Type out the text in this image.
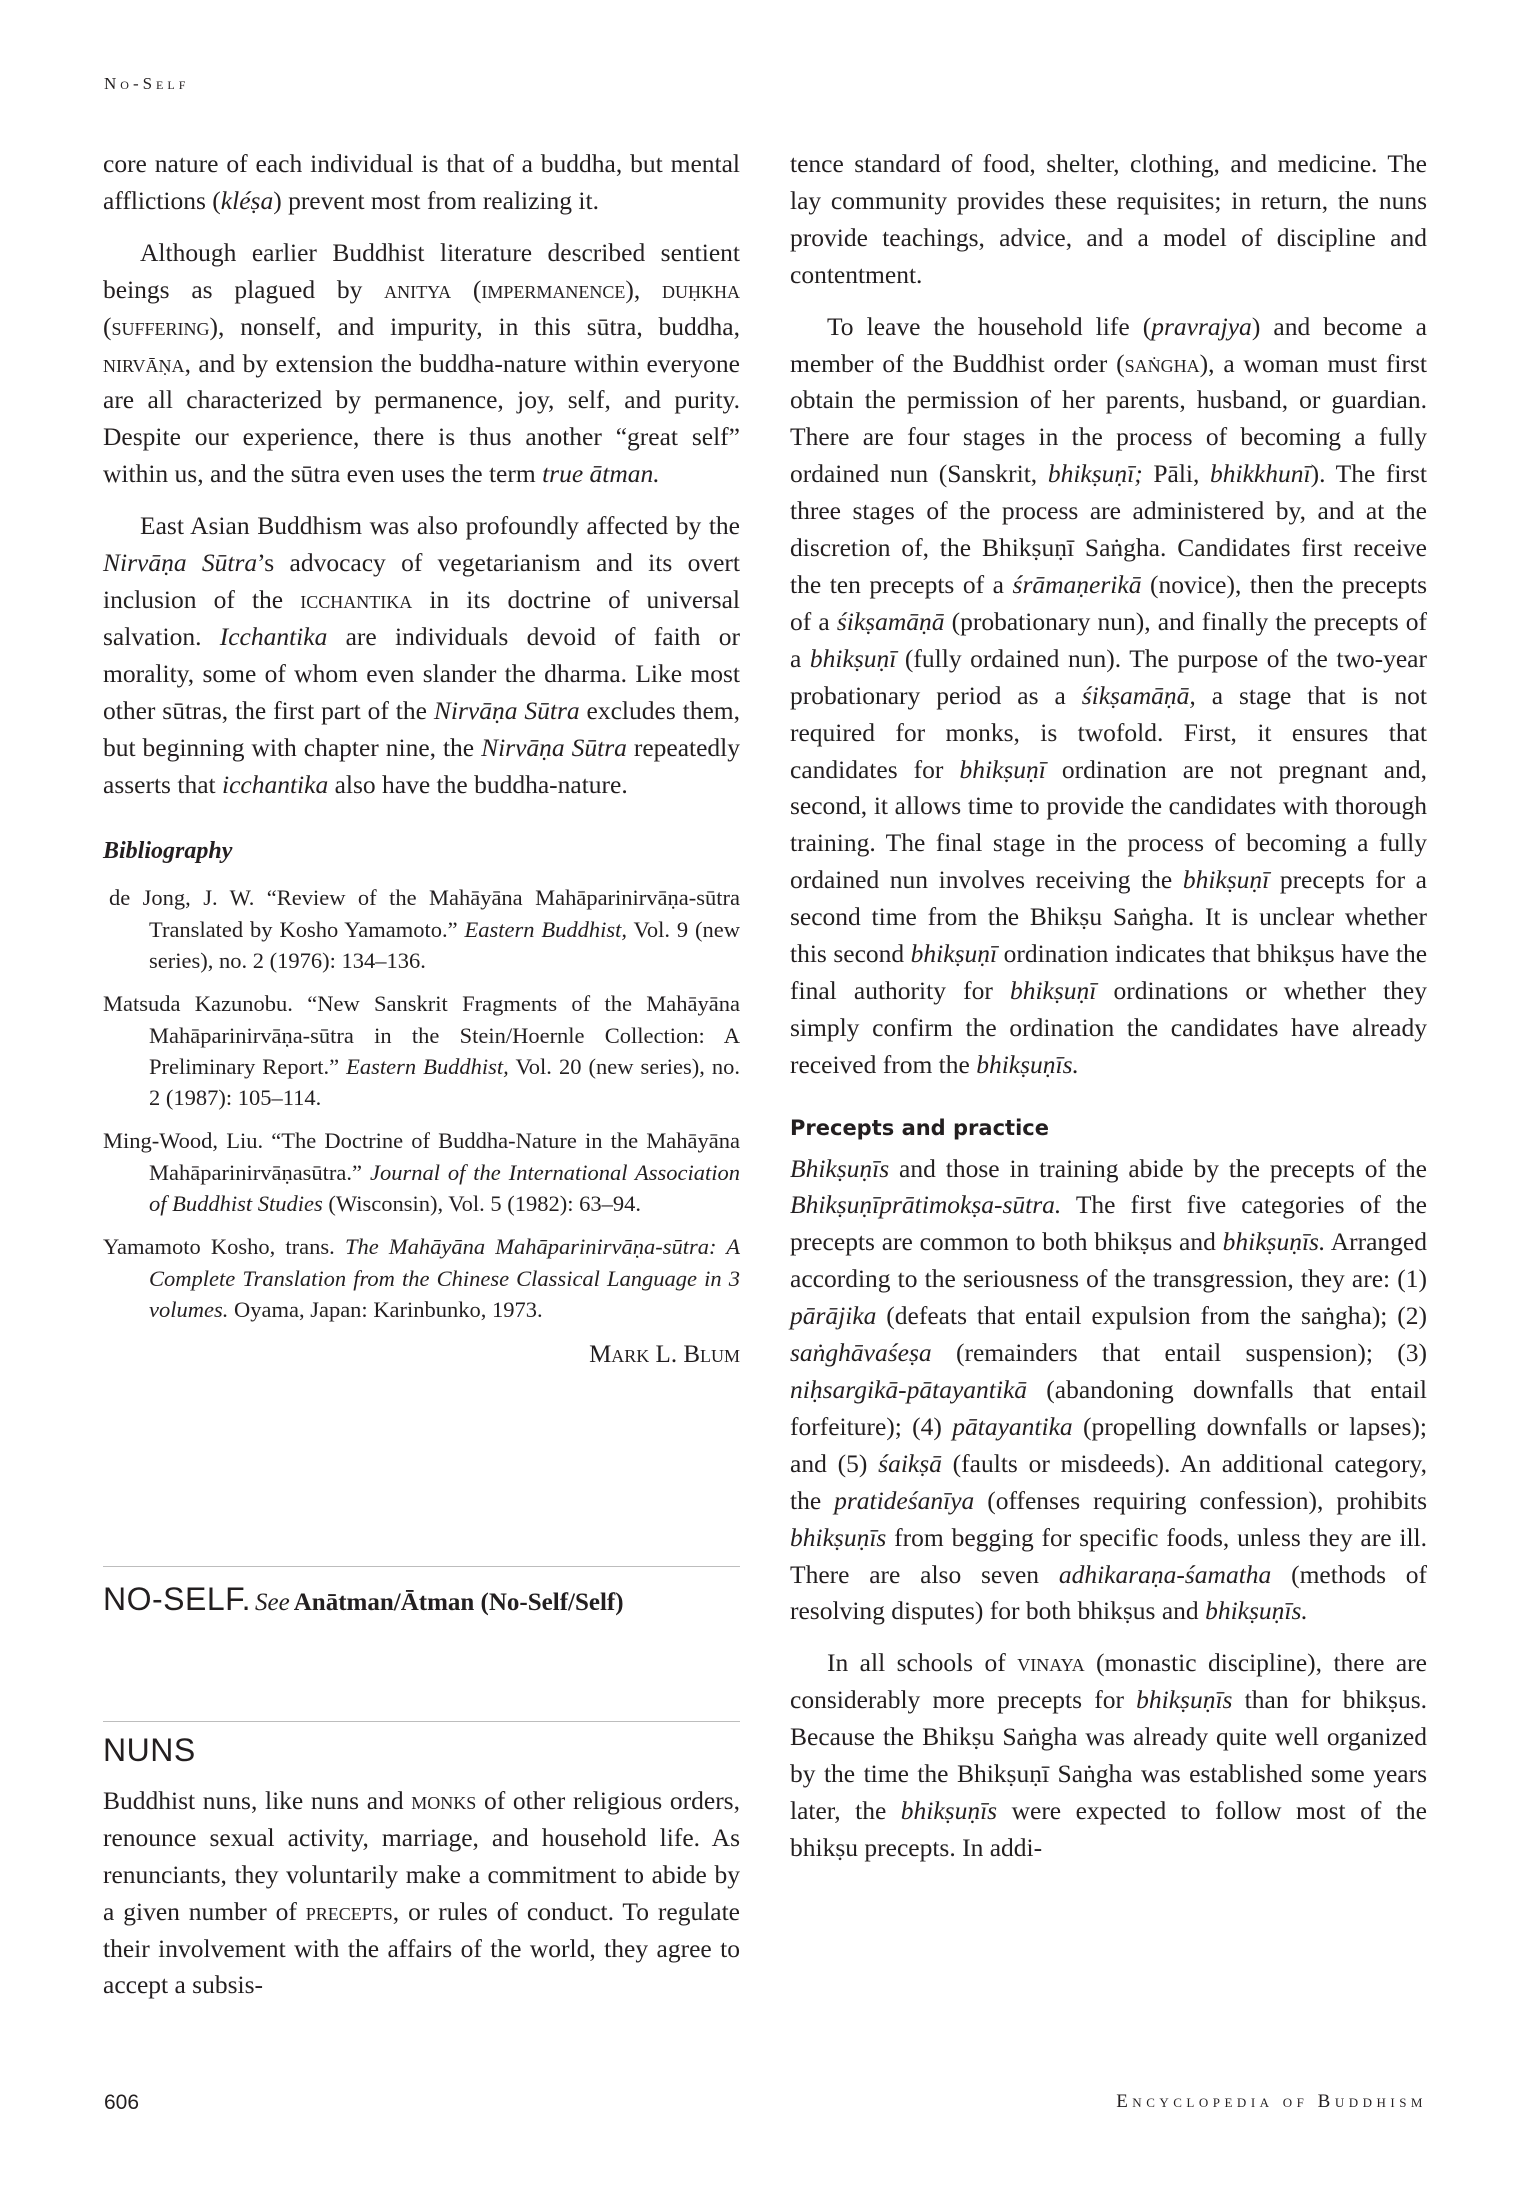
No-Self

core nature of each individual is that of a buddha, but mental afflictions (kléṣa) prevent most from realizing it.

Although earlier Buddhist literature described sentient beings as plagued by anitya (impermanence), duḥkha (suffering), nonself, and impurity, in this sūtra, buddha, nirvāṇa, and by extension the buddha-nature within everyone are all characterized by permanence, joy, self, and purity. Despite our experience, there is thus another “great self” within us, and the sūtra even uses the term true ātman.

East Asian Buddhism was also profoundly affected by the Nirvāṇa Sūtra’s advocacy of vegetarianism and its overt inclusion of the icchantika in its doctrine of universal salvation. Icchantika are individuals devoid of faith or morality, some of whom even slander the dharma. Like most other sūtras, the first part of the Nirvāṇa Sūtra excludes them, but beginning with chapter nine, the Nirvāṇa Sūtra repeatedly asserts that icchantika also have the buddha-nature.

Bibliography

de Jong, J. W. “Review of the Mahāyāna Mahāparinirvāṇa-sūtra Translated by Kosho Yamamoto.” Eastern Buddhist, Vol. 9 (new series), no. 2 (1976): 134–136.

Matsuda Kazunobu. “New Sanskrit Fragments of the Mahāyāna Mahāparinirvāṇa-sūtra in the Stein/Hoernle Collection: A Preliminary Report.” Eastern Buddhist, Vol. 20 (new series), no. 2 (1987): 105–114.

Ming-Wood, Liu. “The Doctrine of Buddha-Nature in the Mahāyāna Mahāparinirvāṇasūtra.” Journal of the International Association of Buddhist Studies (Wisconsin), Vol. 5 (1982): 63–94.

Yamamoto Kosho, trans. The Mahāyāna Mahāparinirvāṇa-sūtra: A Complete Translation from the Chinese Classical Language in 3 volumes. Oyama, Japan: Karinbunko, 1973.

Mark L. Blum
NO-SELF. See Anātman/Ātman (No-Self/Self)
NUNS

Buddhist nuns, like nuns and monks of other religious orders, renounce sexual activity, marriage, and household life. As renunciants, they voluntarily make a commitment to abide by a given number of precepts, or rules of conduct. To regulate their involvement with the affairs of the world, they agree to accept a subsis-

tence standard of food, shelter, clothing, and medicine. The lay community provides these requisites; in return, the nuns provide teachings, advice, and a model of discipline and contentment.

To leave the household life (pravrajya) and become a member of the Buddhist order (saṅgha), a woman must first obtain the permission of her parents, husband, or guardian. There are four stages in the process of becoming a fully ordained nun (Sanskrit, bhikṣuṇī; Pāli, bhikkhunī). The first three stages of the process are administered by, and at the discretion of, the Bhikṣuṇī Saṅgha. Candidates first receive the ten precepts of a śrāmaṇerikā (novice), then the precepts of a śikṣamāṇā (probationary nun), and finally the precepts of a bhikṣuṇī (fully ordained nun). The purpose of the two-year probationary period as a śikṣamāṇā, a stage that is not required for monks, is twofold. First, it ensures that candidates for bhikṣuṇī ordination are not pregnant and, second, it allows time to provide the candidates with thorough training. The final stage in the process of becoming a fully ordained nun involves receiving the bhikṣuṇī precepts for a second time from the Bhikṣu Saṅgha. It is unclear whether this second bhikṣuṇī ordination indicates that bhikṣus have the final authority for bhikṣuṇī ordinations or whether they simply confirm the ordination the candidates have already received from the bhikṣuṇīs.

Precepts and practice

Bhikṣuṇīs and those in training abide by the precepts of the Bhikṣuṇīprātimokṣa-sūtra. The first five categories of the precepts are common to both bhikṣus and bhikṣuṇīs. Arranged according to the seriousness of the transgression, they are: (1) pārājika (defeats that entail expulsion from the saṅgha); (2) saṅghāvaśeṣa (remainders that entail suspension); (3) niḥsargikā-pātayantikā (abandoning downfalls that entail forfeiture); (4) pātayantika (propelling downfalls or lapses); and (5) śaikṣā (faults or misdeeds). An additional category, the pratideśanīya (offenses requiring confession), prohibits bhikṣuṇīs from begging for specific foods, unless they are ill. There are also seven adhikaraṇa-śamatha (methods of resolving disputes) for both bhikṣus and bhikṣuṇīs.

In all schools of vinaya (monastic discipline), there are considerably more precepts for bhikṣuṇīs than for bhikṣus. Because the Bhikṣu Saṅgha was already quite well organized by the time the Bhikṣuṇī Saṅgha was established some years later, the bhikṣuṇīs were expected to follow most of the bhikṣu precepts. In addi-

606	Encyclopedia of Buddhism
